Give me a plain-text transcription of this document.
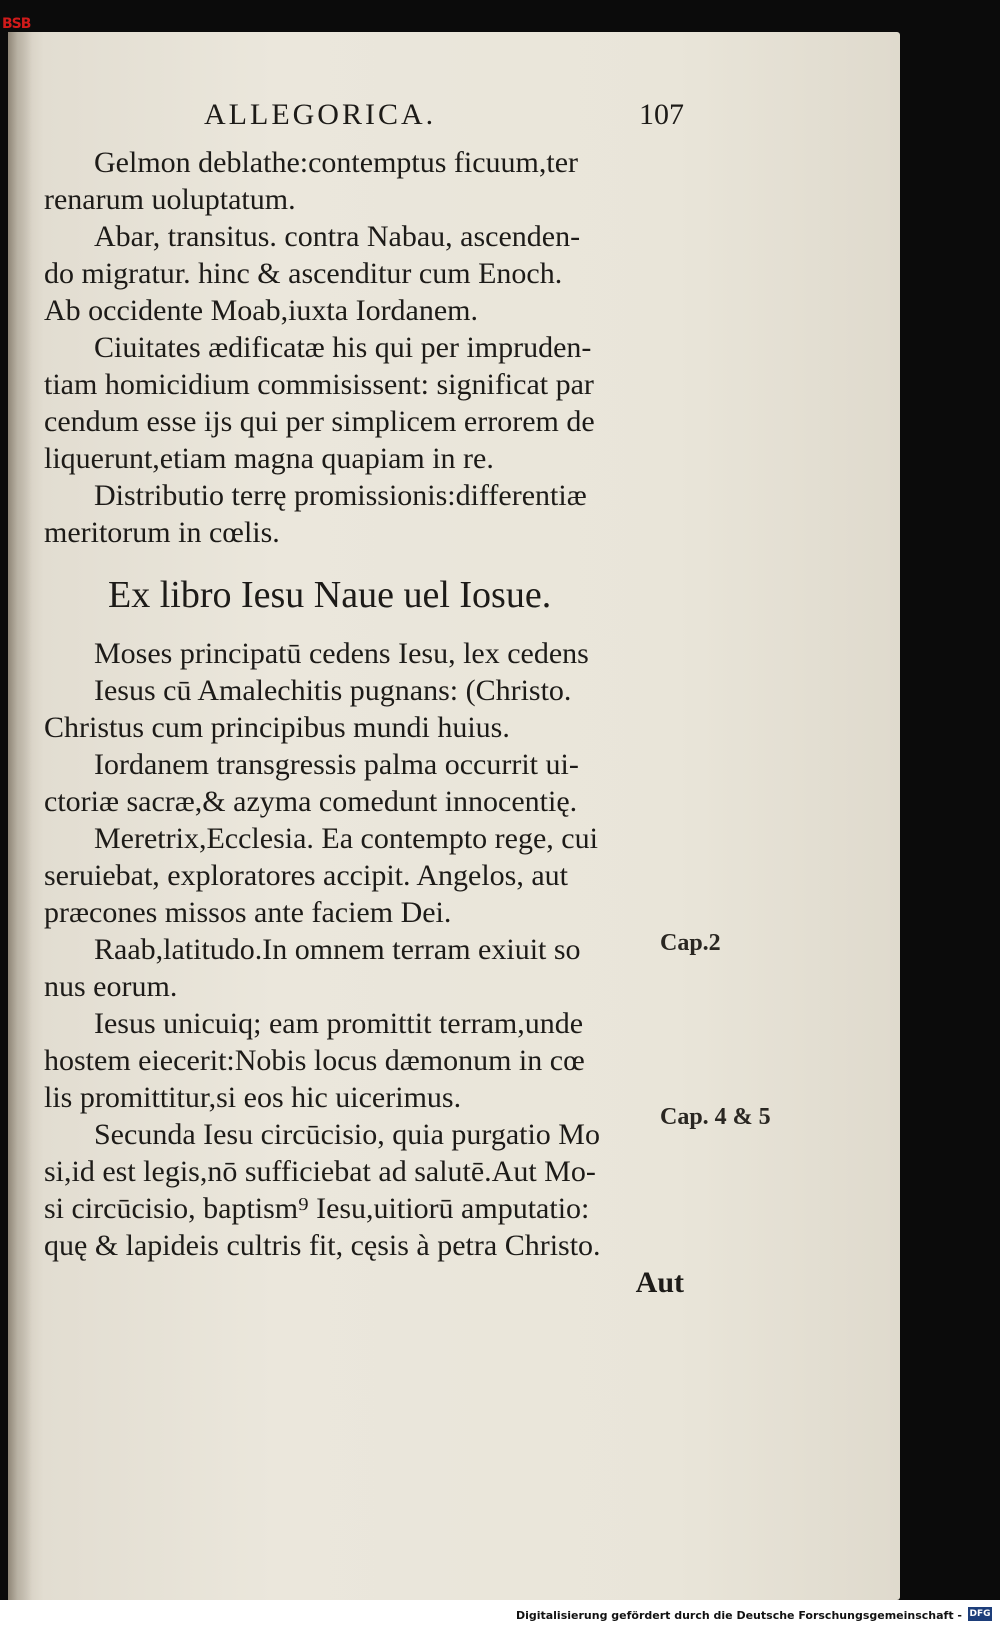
BSB
ALLEGORICA.	107
Gelmon deblathe:contemptus ficuum,ter
renarum uoluptatum.
Abar, transitus. contra Nabau, ascenden-
do migratur. hinc & ascenditur cum Enoch.
Ab occidente Moab,iuxta Iordanem.
Ciuitates ædificatæ his qui per impruden-
tiam homicidium commisissent: significat par
cendum esse ijs qui per simplicem errorem de
liquerunt,etiam magna quapiam in re.
Distributio terrę promissionis:differentiæ
meritorum in cœlis.
Ex libro Iesu Naue uel Iosue.
Moses principatū cedens Iesu, lex cedens
Iesus cū Amalechitis pugnans: (Christo.
Christus cum principibus mundi huius.
Iordanem transgressis palma occurrit ui-
ctoriæ sacræ,& azyma comedunt innocentię.
Meretrix,Ecclesia. Ea contempto rege, cui
seruiebat, exploratores accipit. Angelos, aut
præcones missos ante faciem Dei.
Raab,latitudo.In omnem terram exiuit so
nus eorum.
Iesus unicuiq; eam promittit terram,unde
hostem eiecerit:Nobis locus dæmonum in cœ
lis promittitur,si eos hic uicerimus.
Secunda Iesu circūcisio, quia purgatio Mo
si,id est legis,nō sufficiebat ad salutē.Aut Mo-
si circūcisio, baptism⁹ Iesu,uitiorū amputatio:
quę & lapideis cultris fit, cęsis à petra Christo.
Aut
Cap.2
Cap. 4 & 5
Digitalisierung gefördert durch die Deutsche Forschungsgemeinschaft - DFG
